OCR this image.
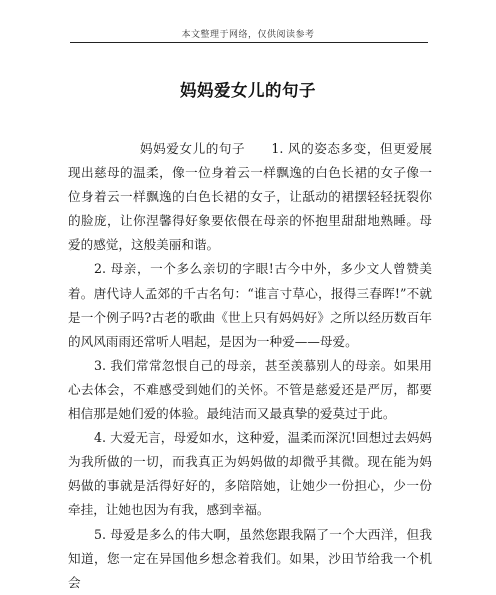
本文整理于网络，仅供阅读参考
妈妈爱女儿的句子

妈妈爱女儿的句子　　1. 风的姿态多变，但更爱展现出慈母的温柔，像一位身着云一样飘逸的白色长裙的女子像一位身着云一样飘逸的白色长裙的女子，让舐动的裙摆轻轻抚裂你的脸庞，让你涅馨得好象要依偎在母亲的怀抱里甜甜地熟睡。母爱的感觉，这般美丽和谐。

2. 母亲，一个多么亲切的字眼!古今中外，多少文人曾赞美着。唐代诗人孟郊的千古名句：“谁言寸草心，报得三春晖!”不就是一个例子吗?古老的歌曲《世上只有妈妈好》之所以经历数百年的风风雨雨还常听人唱起，是因为一种爱——母爱。

3. 我们常常忽恨自己的母亲，甚至羡慕别人的母亲。如果用心去体会，不难感受到她们的关怀。不管是慈爱还是严厉，都要相信那是她们爱的体验。最纯洁而又最真挚的爱莫过于此。

4. 大爱无言，母爱如水，这种爱，温柔而深沉!回想过去妈妈为我所做的一切，而我真正为妈妈做的却微乎其微。现在能为妈妈做的事就是活得好好的，多陪陪她，让她少一份担心，少一份牵挂，让她也因为有我，感到幸福。

5. 母爱是多么的伟大啊，虽然您跟我隔了一个大西洋，但我知道，您一定在异国他乡想念着我们。如果，沙田节给我一个机会
